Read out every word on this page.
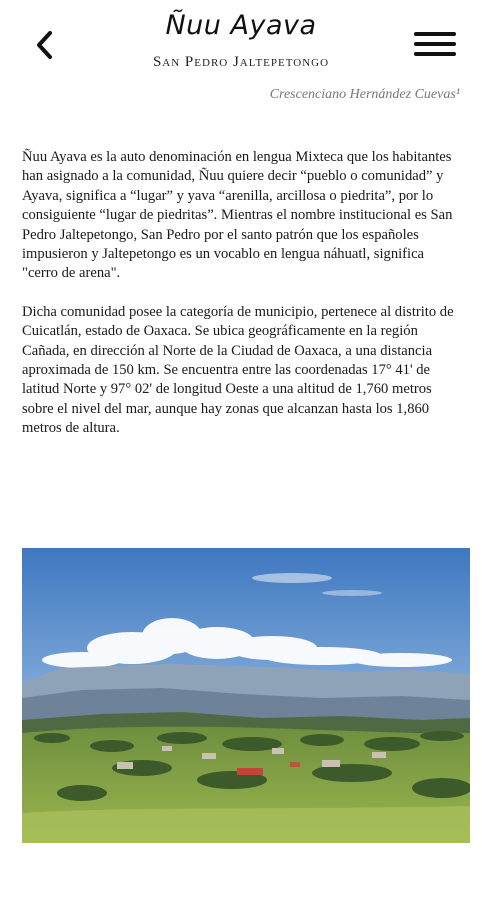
Ñuu Ayava
San Pedro Jaltepetongo
Crescenciano Hernández Cuevas¹

Ñuu Ayava es la auto denominación en lengua Mixteca que los habitantes han asignado a la comunidad, Ñuu quiere decir “pueblo o comunidad” y Ayava, significa a “lugar” y yava “arenilla, arcillosa o piedrita”, por lo consiguiente “lugar de piedritas”. Mientras el nombre institucional es San Pedro Jaltepetongo, San Pedro por el santo patrón que los españoles impusieron y Jaltepetongo es un vocablo en lengua náhuatl, significa "cerro de arena".

Dicha comunidad posee la categoría de municipio, pertenece al distrito de Cuicatlán, estado de Oaxaca. Se ubica geográficamente en la región Cañada, en dirección al Norte de la Ciudad de Oaxaca, a una distancia aproximada de 150 km. Se encuentra entre las coordenadas 17° 41' de latitud Norte y 97° 02' de longitud Oeste a una altitud de 1,760 metros sobre el nivel del mar, aunque hay zonas que alcanzan hasta los 1,860 metros de altura.
